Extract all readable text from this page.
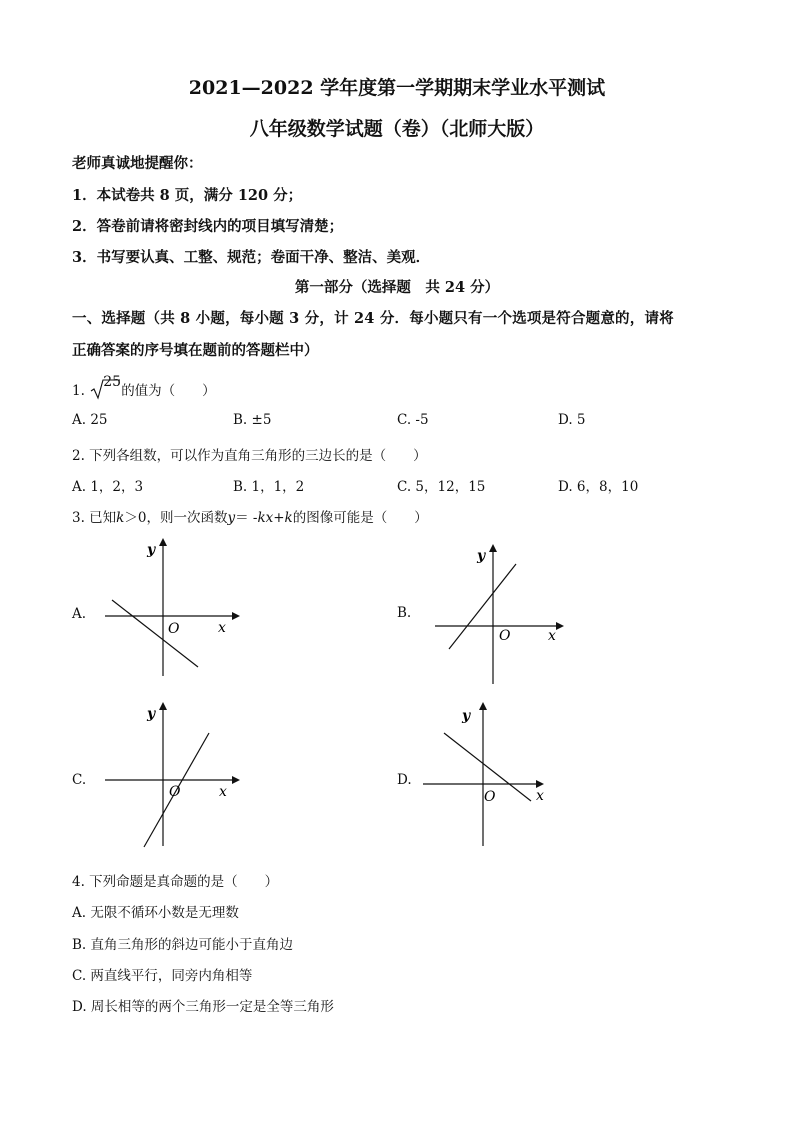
2021—2022 学年度第一学期期末学业水平测试
八年级数学试题（卷）（北师大版）
老师真诚地提醒你：
1．本试卷共 8 页，满分 120 分；
2．答卷前请将密封线内的项目填写清楚；
3．书写要认真、工整、规范；卷面干净、整洁、美观．
第一部分（选择题　共 24 分）
一、选择题（共 8 小题，每小题 3 分，计 24 分．每小题只有一个选项是符合题意的，请将
正确答案的序号填在题前的答题栏中）
1.
25
的值为（　　）
A. 25	B. ±5	C. -5	D. 5
2. 下列各组数，可以作为直角三角形的三边长的是（　　）
A. 1，2，3	B. 1，1，2	C. 5，12，15	D. 6，8，10
3. 已知k＞0，则一次函数y＝ -kx+k的图像可能是（　　）
A.
y
x
O
B.
y
x
O
C.
y
x
O
D.
y
x
O
4. 下列命题是真命题的是（　　）
A. 无限不循环小数是无理数
B. 直角三角形的斜边可能小于直角边
C. 两直线平行，同旁内角相等
D. 周长相等的两个三角形一定是全等三角形
